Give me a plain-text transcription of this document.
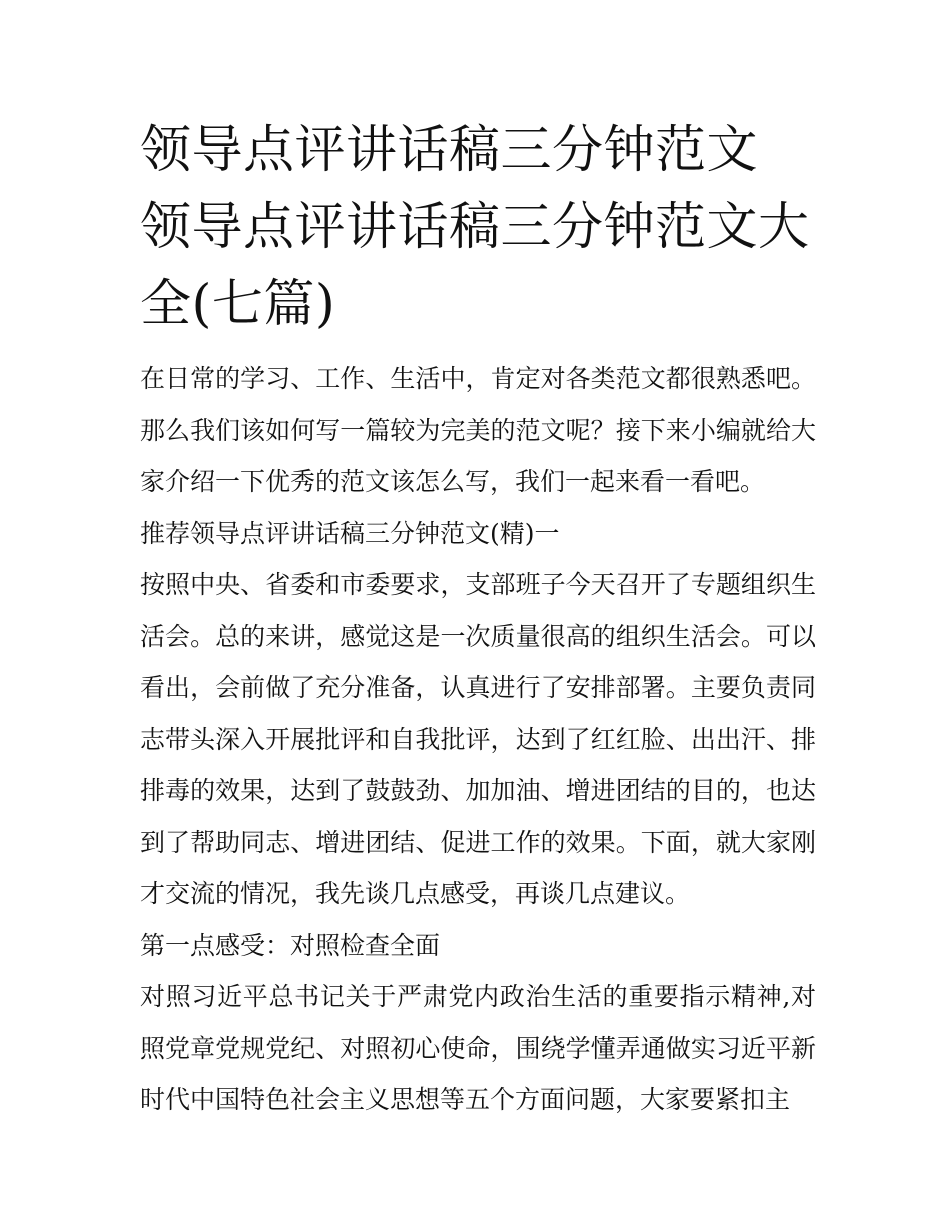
领导点评讲话稿三分钟范文 领导点评讲话稿三分钟范文大全(七篇)

在日常的学习、工作、生活中，肯定对各类范文都很熟悉吧。那么我们该如何写一篇较为完美的范文呢？接下来小编就给大家介绍一下优秀的范文该怎么写，我们一起来看一看吧。

推荐领导点评讲话稿三分钟范文(精)一

按照中央、省委和市委要求，支部班子今天召开了专题组织生活会。总的来讲，感觉这是一次质量很高的组织生活会。可以看出，会前做了充分准备，认真进行了安排部署。主要负责同志带头深入开展批评和自我批评，达到了红红脸、出出汗、排排毒的效果，达到了鼓鼓劲、加加油、增进团结的目的，也达到了帮助同志、增进团结、促进工作的效果。下面，就大家刚才交流的情况，我先谈几点感受，再谈几点建议。

第一点感受：对照检查全面

对照习近平总书记关于严肃党内政治生活的重要指示精神,对照党章党规党纪、对照初心使命，围绕学懂弄通做实习近平新时代中国特色社会主义思想等五个方面问题，大家要紧扣主
